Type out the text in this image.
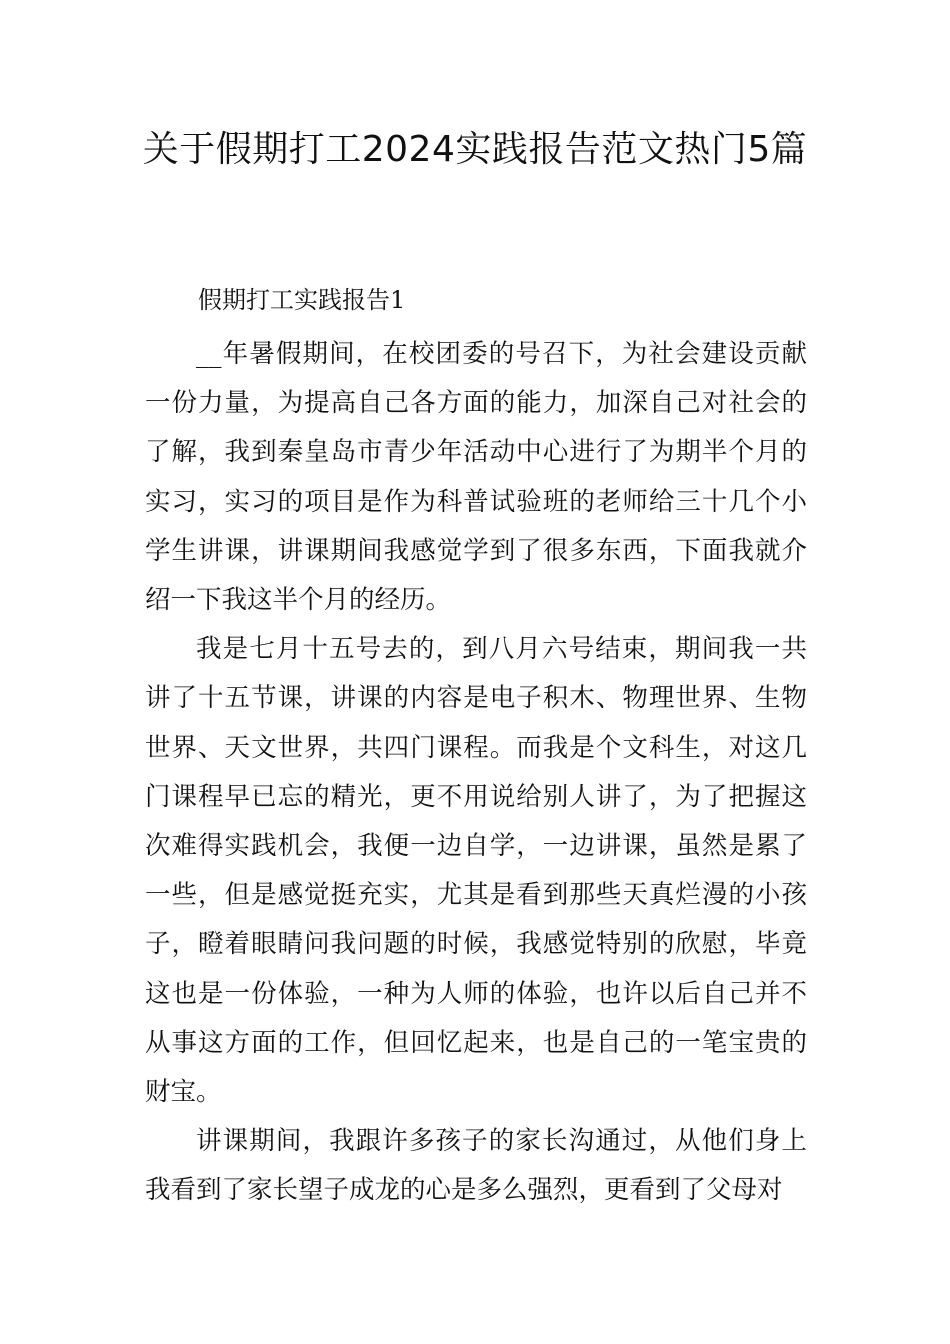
关于假期打工2024实践报告范文热门5篇

假期打工实践报告1

__年暑假期间，在校团委的号召下，为社会建设贡献一份力量，为提高自己各方面的能力，加深自己对社会的了解，我到秦皇岛市青少年活动中心进行了为期半个月的实习，实习的项目是作为科普试验班的老师给三十几个小学生讲课，讲课期间我感觉学到了很多东西，下面我就介绍一下我这半个月的经历。

我是七月十五号去的，到八月六号结束，期间我一共讲了十五节课，讲课的内容是电子积木、物理世界、生物世界、天文世界，共四门课程。而我是个文科生，对这几门课程早已忘的精光，更不用说给别人讲了，为了把握这次难得实践机会，我便一边自学，一边讲课，虽然是累了一些，但是感觉挺充实，尤其是看到那些天真烂漫的小孩子，瞪着眼睛问我问题的时候，我感觉特别的欣慰，毕竟这也是一份体验，一种为人师的体验，也许以后自己并不从事这方面的工作，但回忆起来，也是自己的一笔宝贵的财宝。

讲课期间，我跟许多孩子的家长沟通过，从他们身上我看到了家长望子成龙的心是多么强烈，更看到了父母对
